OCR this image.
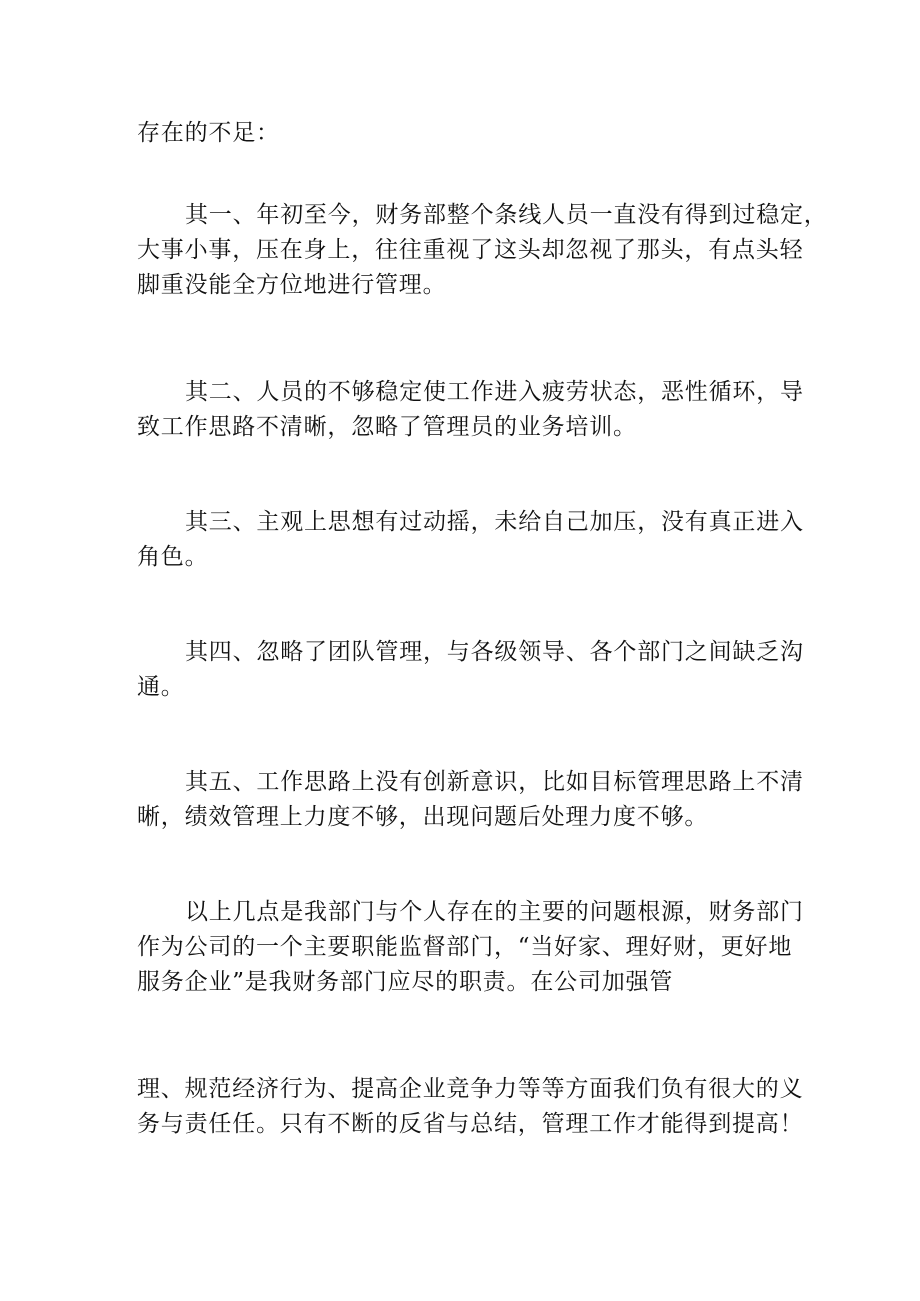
存在的不足：

其一、年初至今，财务部整个条线人员一直没有得到过稳定，
大事小事，压在身上，往往重视了这头却忽视了那头，有点头轻
脚重没能全方位地进行管理。

其二、人员的不够稳定使工作进入疲劳状态，恶性循环，导
致工作思路不清晰，忽略了管理员的业务培训。

其三、主观上思想有过动摇，未给自己加压，没有真正进入
角色。

其四、忽略了团队管理，与各级领导、各个部门之间缺乏沟
通。

其五、工作思路上没有创新意识，比如目标管理思路上不清
晰，绩效管理上力度不够，出现问题后处理力度不够。

以上几点是我部门与个人存在的主要的问题根源，财务部门
作为公司的一个主要职能监督部门，“当好家、理好财，更好地
服务企业”是我财务部门应尽的职责。在公司加强管

理、规范经济行为、提高企业竞争力等等方面我们负有很大的义
务与责任任。只有不断的反省与总结，管理工作才能得到提高！
